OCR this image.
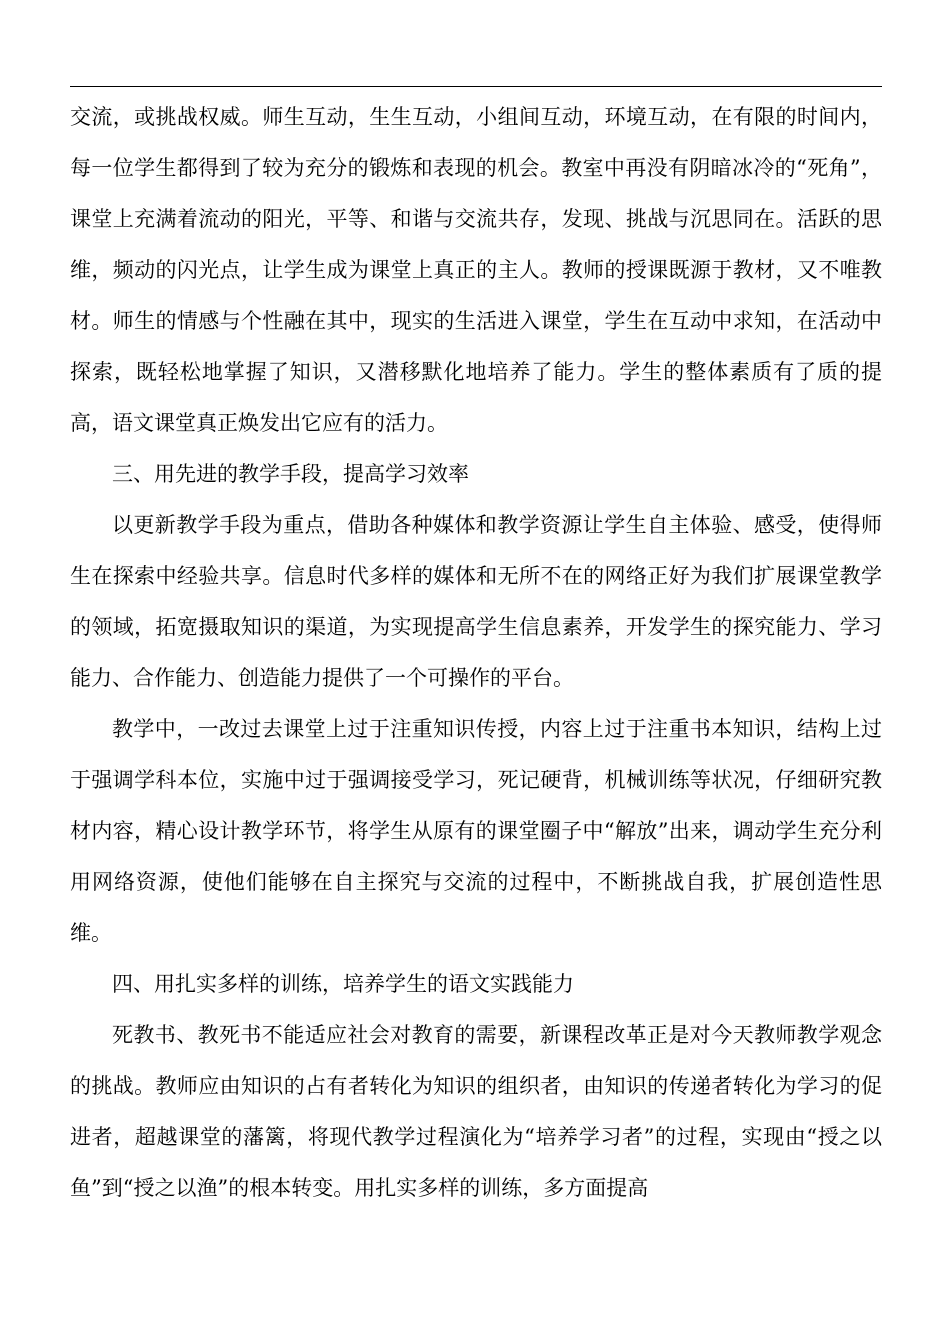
交流，或挑战权威。师生互动，生生互动，小组间互动，环境互动，在有限的时间内，每一位学生都得到了较为充分的锻炼和表现的机会。教室中再没有阴暗冰冷的“死角”，课堂上充满着流动的阳光，平等、和谐与交流共存，发现、挑战与沉思同在。活跃的思维，频动的闪光点，让学生成为课堂上真正的主人。教师的授课既源于教材，又不唯教材。师生的情感与个性融在其中，现实的生活进入课堂，学生在互动中求知，在活动中探索，既轻松地掌握了知识，又潜移默化地培养了能力。学生的整体素质有了质的提高，语文课堂真正焕发出它应有的活力。

三、用先进的教学手段，提高学习效率

以更新教学手段为重点，借助各种媒体和教学资源让学生自主体验、感受，使得师生在探索中经验共享。信息时代多样的媒体和无所不在的网络正好为我们扩展课堂教学的领域，拓宽摄取知识的渠道，为实现提高学生信息素养，开发学生的探究能力、学习能力、合作能力、创造能力提供了一个可操作的平台。

教学中，一改过去课堂上过于注重知识传授，内容上过于注重书本知识，结构上过于强调学科本位，实施中过于强调接受学习，死记硬背，机械训练等状况，仔细研究教材内容，精心设计教学环节，将学生从原有的课堂圈子中“解放”出来，调动学生充分利用网络资源，使他们能够在自主探究与交流的过程中，不断挑战自我，扩展创造性思维。

四、用扎实多样的训练，培养学生的语文实践能力

死教书、教死书不能适应社会对教育的需要，新课程改革正是对今天教师教学观念的挑战。教师应由知识的占有者转化为知识的组织者，由知识的传递者转化为学习的促进者，超越课堂的藩篱，将现代教学过程演化为“培养学习者”的过程，实现由“授之以鱼”到“授之以渔”的根本转变。用扎实多样的训练，多方面提高
